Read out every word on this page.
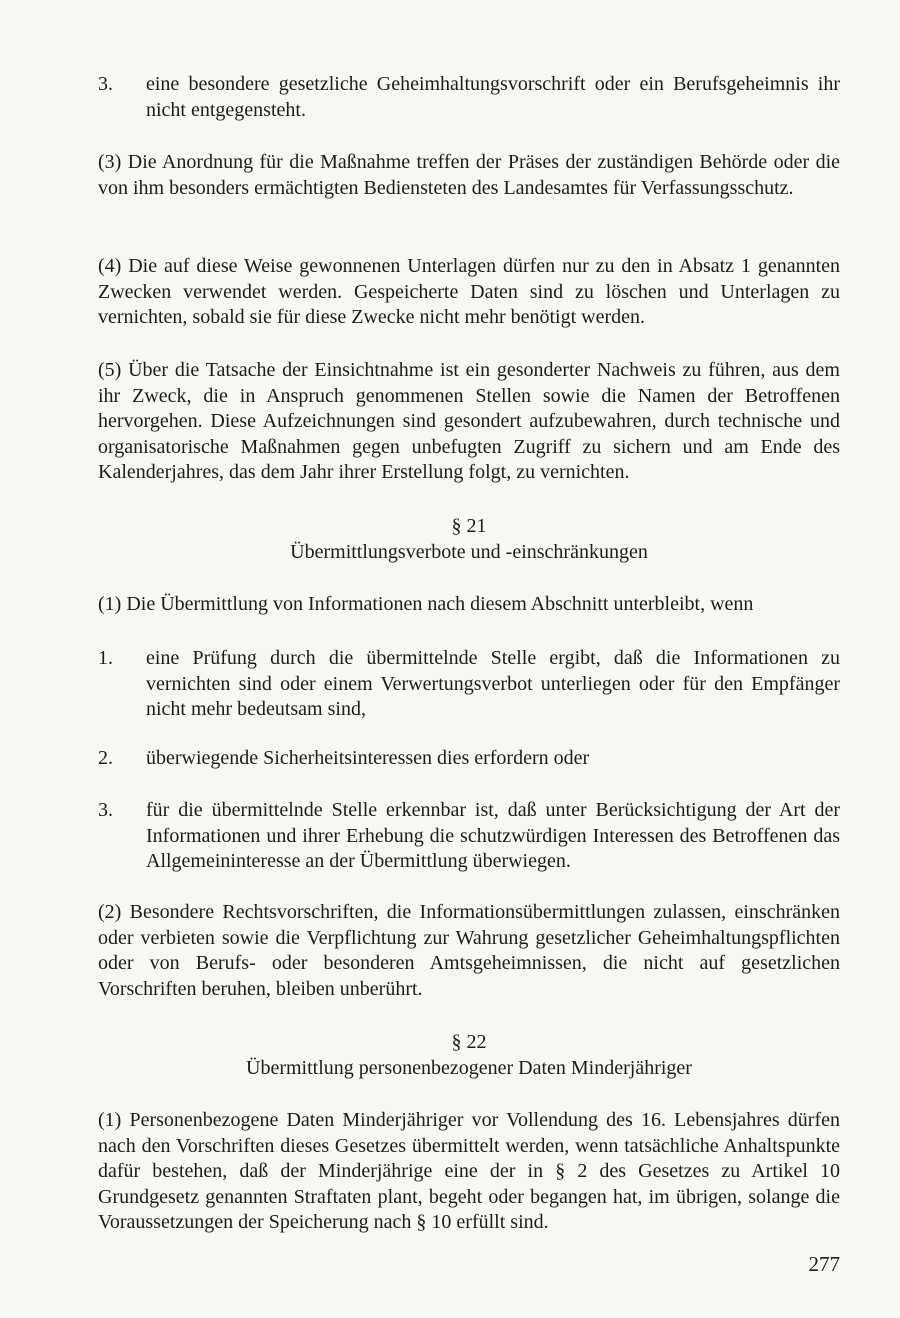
3.	eine besondere gesetzliche Geheimhaltungsvorschrift oder ein Berufsgeheimnis ihr nicht entgegensteht.

(3) Die Anordnung für die Maßnahme treffen der Präses der zuständigen Behörde oder die von ihm besonders ermächtigten Bediensteten des Landesamtes für Verfassungsschutz.

(4) Die auf diese Weise gewonnenen Unterlagen dürfen nur zu den in Absatz 1 genannten Zwecken verwendet werden. Gespeicherte Daten sind zu löschen und Unterlagen zu vernichten, sobald sie für diese Zwecke nicht mehr benötigt werden.

(5) Über die Tatsache der Einsichtnahme ist ein gesonderter Nachweis zu führen, aus dem ihr Zweck, die in Anspruch genommenen Stellen sowie die Namen der Betroffenen hervorgehen. Diese Aufzeichnungen sind gesondert aufzubewahren, durch technische und organisatorische Maßnahmen gegen unbefugten Zugriff zu sichern und am Ende des Kalenderjahres, das dem Jahr ihrer Erstellung folgt, zu vernichten.

§ 21

Übermittlungsverbote und -einschränkungen

(1) Die Übermittlung von Informationen nach diesem Abschnitt unterbleibt, wenn

1.	eine Prüfung durch die übermittelnde Stelle ergibt, daß die Informationen zu vernichten sind oder einem Verwertungsverbot unterliegen oder für den Empfänger nicht mehr bedeutsam sind,
2.	überwiegende Sicherheitsinteressen dies erfordern oder
3.	für die übermittelnde Stelle erkennbar ist, daß unter Berücksichtigung der Art der Informationen und ihrer Erhebung die schutzwürdigen Interessen des Betroffenen das Allgemeininteresse an der Übermittlung überwiegen.

(2) Besondere Rechtsvorschriften, die Informationsübermittlungen zulassen, einschränken oder verbieten sowie die Verpflichtung zur Wahrung gesetzlicher Geheimhaltungspflichten oder von Berufs- oder besonderen Amtsgeheimnissen, die nicht auf gesetzlichen Vorschriften beruhen, bleiben unberührt.

§ 22

Übermittlung personenbezogener Daten Minderjähriger

(1) Personenbezogene Daten Minderjähriger vor Vollendung des 16. Lebensjahres dürfen nach den Vorschriften dieses Gesetzes übermittelt werden, wenn tatsächliche Anhaltspunkte dafür bestehen, daß der Minderjährige eine der in § 2 des Gesetzes zu Artikel 10 Grundgesetz genannten Straftaten plant, begeht oder begangen hat, im übrigen, solange die Voraussetzungen der Speicherung nach § 10 erfüllt sind.

277
